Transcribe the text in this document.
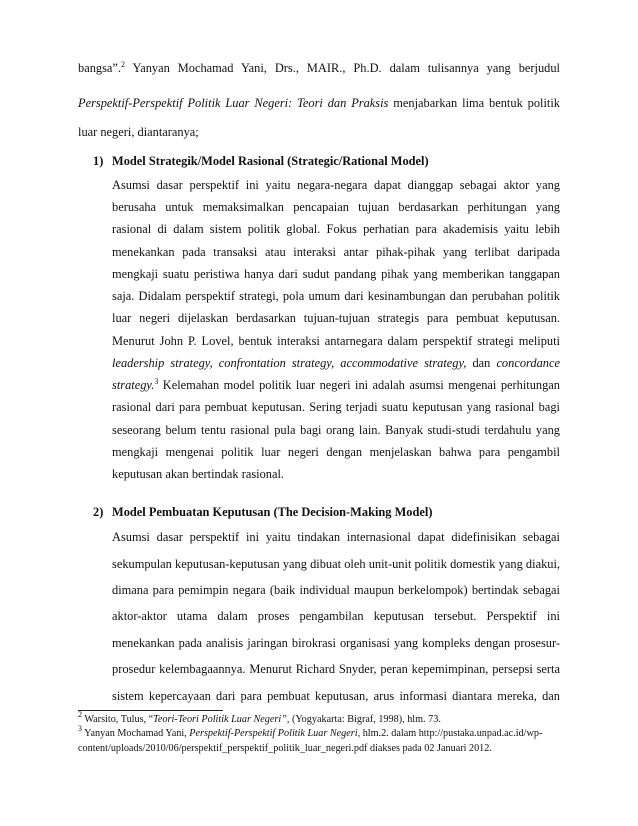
bangsa”.$^2$ Yanyan Mochamad Yani, Drs., MAIR., Ph.D. dalam tulisannya yang berjudul
Perspektif-Perspektif Politik Luar Negeri: Teori dan Praksis menjabarkan lima bentuk politik
luar negeri, diantaranya;
1) Model Strategik/Model Rasional (Strategic/Rational Model)
Asumsi dasar perspektif ini yaitu negara-negara dapat dianggap sebagai aktor yang
berusaha untuk memaksimalkan pencapaian tujuan berdasarkan perhitungan yang
rasional di dalam sistem politik global. Fokus perhatian para akademisis yaitu lebih
menekankan pada transaksi atau interaksi antar pihak-pihak yang terlibat daripada
mengkaji suatu peristiwa hanya dari sudut pandang pihak yang memberikan tanggapan
saja. Didalam perspektif strategi, pola umum dari kesinambungan dan perubahan politik
luar negeri dijelaskan berdasarkan tujuan-tujuan strategis para pembuat keputusan.
Menurut John P. Lovel, bentuk interaksi antarnegara dalam perspektif strategi meliputi
leadership strategy, confrontation strategy, accommodative strategy, dan concordance
strategy.$^3$ Kelemahan model politik luar negeri ini adalah asumsi mengenai perhitungan
rasional dari para pembuat keputusan. Sering terjadi suatu keputusan yang rasional bagi
seseorang belum tentu rasional pula bagi orang lain. Banyak studi-studi terdahulu yang
mengkaji mengenai politik luar negeri dengan menjelaskan bahwa para pengambil
keputusan akan bertindak rasional.
2) Model Pembuatan Keputusan (The Decision-Making Model)
Asumsi dasar perspektif ini yaitu tindakan internasional dapat didefinisikan sebagai
sekumpulan keputusan-keputusan yang dibuat oleh unit-unit politik domestik yang diakui,
dimana para pemimpin negara (baik individual maupun berkelompok) bertindak sebagai
aktor-aktor utama dalam proses pengambilan keputusan tersebut. Perspektif ini
menekankan pada analisis jaringan birokrasi organisasi yang kompleks dengan prosesur-
prosedur kelembagaannya. Menurut Richard Snyder, peran kepemimpinan, persepsi serta
sistem kepercayaan dari para pembuat keputusan, arus informasi diantara mereka, dan
$^2$ Warsito, Tulus, “Teori-Teori Politik Luar Negeri”, (Yogyakarta: Bigraf, 1998), hlm. 73.
$^3$ Yanyan Mochamad Yani, Perspektif-Perspektif Politik Luar Negeri, hlm.2. dalam http://pustaka.unpad.ac.id/wp-
content/uploads/2010/06/perspektif_perspektif_politik_luar_negeri.pdf diakses pada 02 Januari 2012.
